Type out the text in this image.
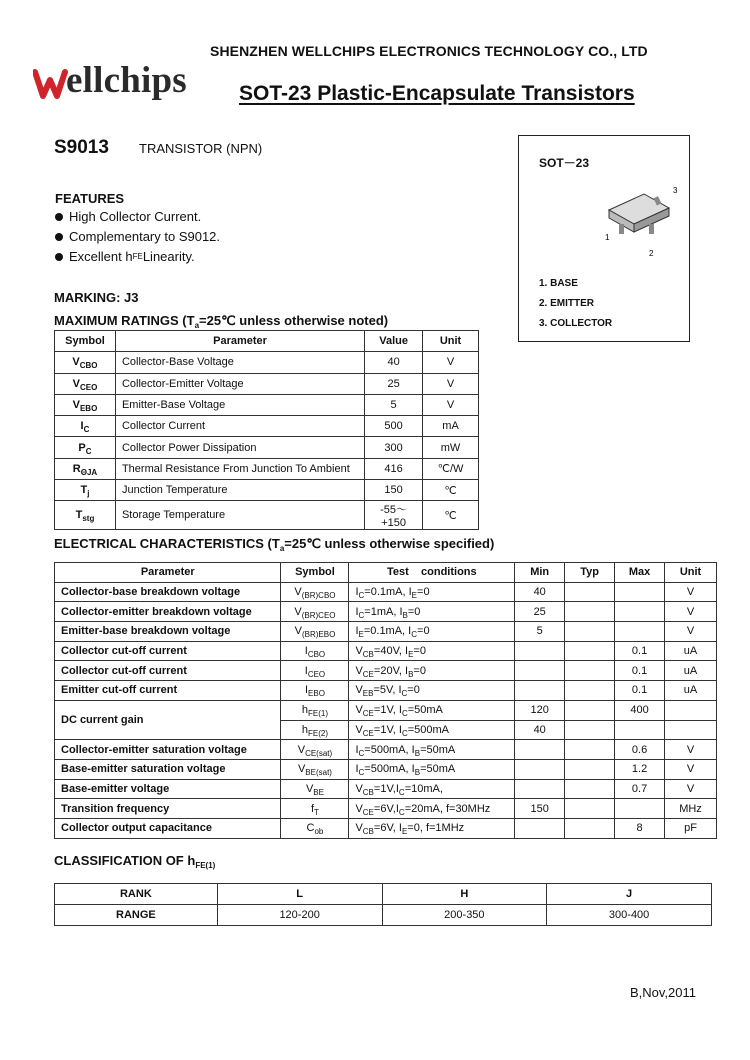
SHENZHEN WELLCHIPS ELECTRONICS TECHNOLOGY CO., LTD
ellchips SOT-23 Plastic-Encapsulate Transistors
S9013 TRANSISTOR (NPN)
FEATURES
High Collector Current.
Complementary to S9012.
Excellent h FE Linearity.
MARKING: J3
SOT－23
3
1
2
1. BASE
2. EMITTER
3. COLLECTOR
MAXIMUM RATINGS ($T_a=25℃$ unless otherwise noted)
Symbol	Parameter	Value	Unit
$V_{CBO}$	Collector-Base Voltage	40	V
$V_{CEO}$	Collector-Emitter Voltage	25	V
$V_{EBO}$	Emitter-Base Voltage	5	V
$I_C$	Collector Current	500	mA
$P_C$	Collector Power Dissipation	300	mW
$R_{\Theta JA}$	Thermal Resistance From Junction To Ambient	416	℃/W
$T_j$	Junction Temperature	150	℃
$T_{stg}$	Storage Temperature	-55～+150	℃
ELECTRICAL CHARACTERISTICS ($T_a=25℃$ unless otherwise specified)
Parameter	Symbol	Test    conditions	Min	Typ	Max	Unit
Collector-base breakdown voltage	$V_{(BR)CBO}$	$I_C=0.1mA$, $I_E=0$	40			V
Collector-emitter breakdown voltage	$V_{(BR)CEO}$	$I_C=1mA$, $I_B=0$	25			V
Emitter-base breakdown voltage	$V_{(BR)EBO}$	$I_E=0.1mA$, $I_C=0$	5			V
Collector cut-off current	$I_{CBO}$	$V_{CB}=40V$, $I_E=0$			0.1	uA
Collector cut-off current	$I_{CEO}$	$V_{CE}=20V$, $I_B=0$			0.1	uA
Emitter cut-off current	$I_{EBO}$	$V_{EB}=5V$, $I_C=0$			0.1	uA
DC current gain	$h_{FE(1)}$	$V_{CE}=1V$, $I_C=50mA$	120		400	
	$h_{FE(2)}$	$V_{CE}=1V$, $I_C=500mA$	40			
Collector-emitter saturation voltage	$V_{CE(sat)}$	$I_C=500mA$, $I_B=50mA$			0.6	V
Base-emitter saturation voltage	$V_{BE(sat)}$	$I_C=500mA$, $I_B=50mA$			1.2	V
Base-emitter voltage	$V_{BE}$	$V_{CB}=1V,I_C=10mA$,			0.7	V
Transition frequency	$f_T$	$V_{CE}=6V,I_C=20mA$, f=30MHz	150			MHz
Collector output capacitance	$C_{ob}$	$V_{CB}=6V$, $I_E=0$, f=1MHz			8	pF
CLASSIFICATION OF $h_{FE(1)}$
RANK	L	H	J
RANGE	120-200	200-350	300-400
B,Nov,2011
